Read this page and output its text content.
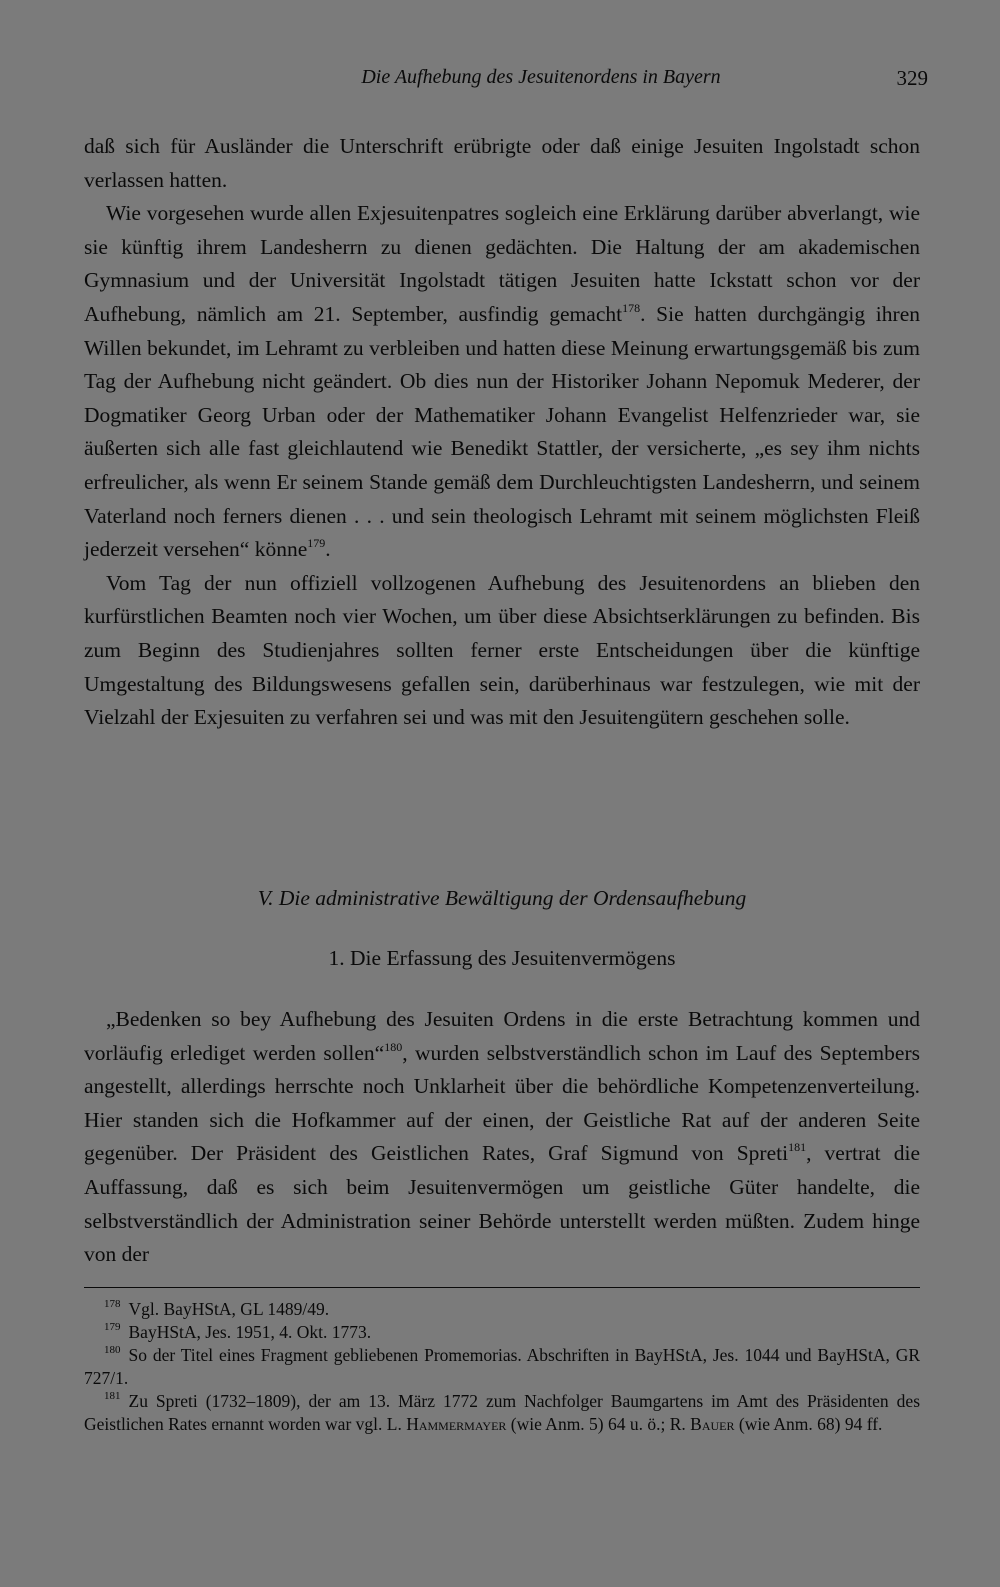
Die Aufhebung des Jesuitenordens in Bayern	329

daß sich für Ausländer die Unterschrift erübrigte oder daß einige Jesuiten Ingolstadt schon verlassen hatten.

Wie vorgesehen wurde allen Exjesuitenpatres sogleich eine Erklärung darüber abverlangt, wie sie künftig ihrem Landesherrn zu dienen gedächten. Die Haltung der am akademischen Gymnasium und der Universität Ingolstadt tätigen Jesuiten hatte Ickstatt schon vor der Aufhebung, nämlich am 21. September, ausfindig gemacht$^{178}$. Sie hatten durchgängig ihren Willen bekundet, im Lehramt zu verbleiben und hatten diese Meinung erwartungsgemäß bis zum Tag der Aufhebung nicht geändert. Ob dies nun der Historiker Johann Nepomuk Mederer, der Dogmatiker Georg Urban oder der Mathematiker Johann Evangelist Helfenzrieder war, sie äußerten sich alle fast gleichlautend wie Benedikt Stattler, der versicherte, „es sey ihm nichts erfreulicher, als wenn Er seinem Stande gemäß dem Durchleuchtigsten Landesherrn, und seinem Vaterland noch ferners dienen . . . und sein theologisch Lehramt mit seinem möglichsten Fleiß jederzeit versehen“ könne$^{179}$.

Vom Tag der nun offiziell vollzogenen Aufhebung des Jesuitenordens an blieben den kurfürstlichen Beamten noch vier Wochen, um über diese Absichtserklärungen zu befinden. Bis zum Beginn des Studienjahres sollten ferner erste Entscheidungen über die künftige Umgestaltung des Bildungswesens gefallen sein, darüberhinaus war festzulegen, wie mit der Vielzahl der Exjesuiten zu verfahren sei und was mit den Jesuitengütern geschehen solle.

V. Die administrative Bewältigung der Ordensaufhebung
1. Die Erfassung des Jesuitenvermögens

„Bedenken so bey Aufhebung des Jesuiten Ordens in die erste Betrachtung kommen und vorläufig erlediget werden sollen“$^{180}$, wurden selbstverständlich schon im Lauf des Septembers angestellt, allerdings herrschte noch Unklarheit über die behördliche Kompetenzenverteilung. Hier standen sich die Hofkammer auf der einen, der Geistliche Rat auf der anderen Seite gegenüber. Der Präsident des Geistlichen Rates, Graf Sigmund von Spreti$^{181}$, vertrat die Auffassung, daß es sich beim Jesuitenvermögen um geistliche Güter handelte, die selbstverständlich der Administration seiner Behörde unterstellt werden müßten. Zudem hinge von der

$^{178}$ Vgl. BayHStA, GL 1489/49.

$^{179}$ BayHStA, Jes. 1951, 4. Okt. 1773.

$^{180}$ So der Titel eines Fragment gebliebenen Promemorias. Abschriften in BayHStA, Jes. 1044 und BayHStA, GR 727/1.

$^{181}$ Zu Spreti (1732–1809), der am 13. März 1772 zum Nachfolger Baumgartens im Amt des Präsidenten des Geistlichen Rates ernannt worden war vgl. L. Hammermayer (wie Anm. 5) 64 u. ö.; R. Bauer (wie Anm. 68) 94 ff.
